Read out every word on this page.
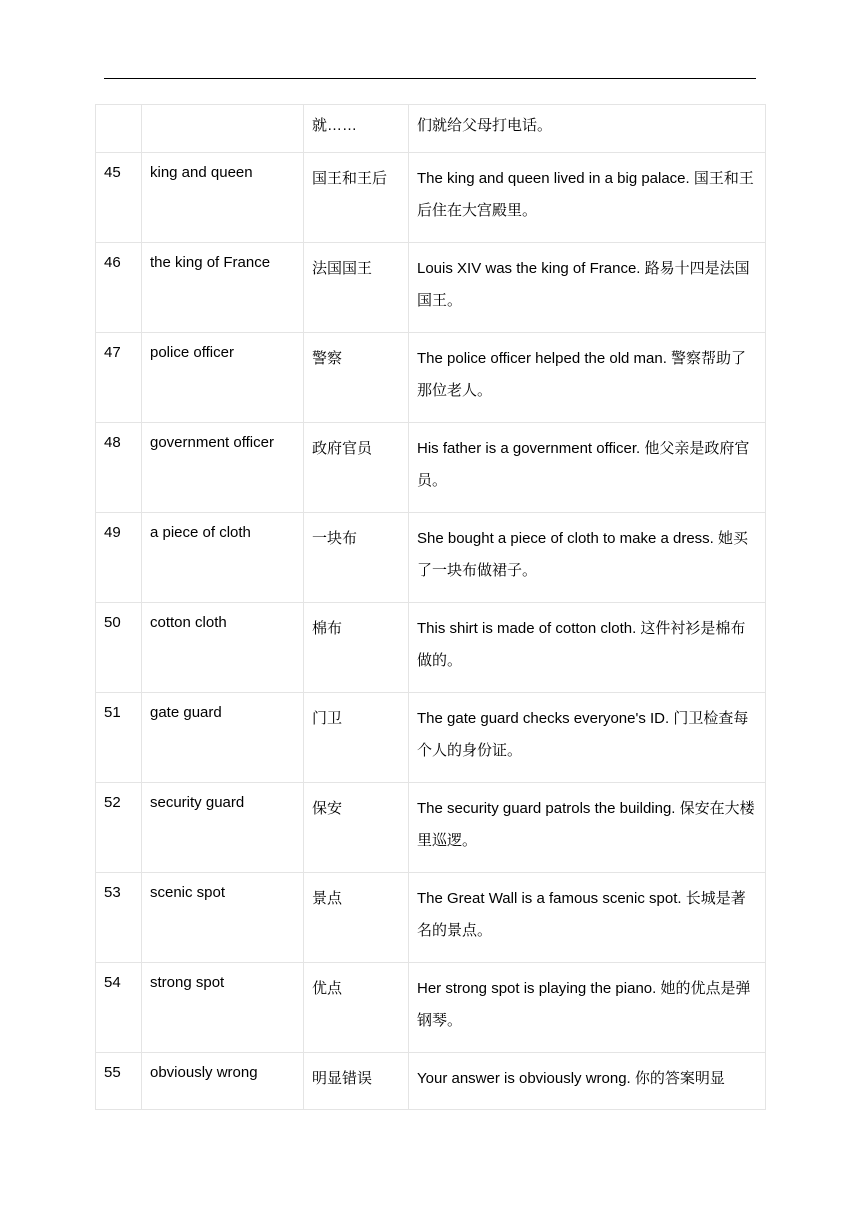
		就……	们就给父母打电话。
45	king and queen	国王和王后	The king and queen lived in a big palace. 国王和王后住在大宫殿里。
46	the king of France	法国国王	Louis XIV was the king of France. 路易十四是法国国王。
47	police officer	警察	The police officer helped the old man. 警察帮助了那位老人。
48	government officer	政府官员	His father is a government officer. 他父亲是政府官员。
49	a piece of cloth	一块布	She bought a piece of cloth to make a dress. 她买了一块布做裙子。
50	cotton cloth	棉布	This shirt is made of cotton cloth. 这件衬衫是棉布做的。
51	gate guard	门卫	The gate guard checks everyone's ID. 门卫检查每个人的身份证。
52	security guard	保安	The security guard patrols the building. 保安在大楼里巡逻。
53	scenic spot	景点	The Great Wall is a famous scenic spot. 长城是著名的景点。
54	strong spot	优点	Her strong spot is playing the piano. 她的优点是弹钢琴。
55	obviously wrong	明显错误	Your answer is obviously wrong. 你的答案明显
